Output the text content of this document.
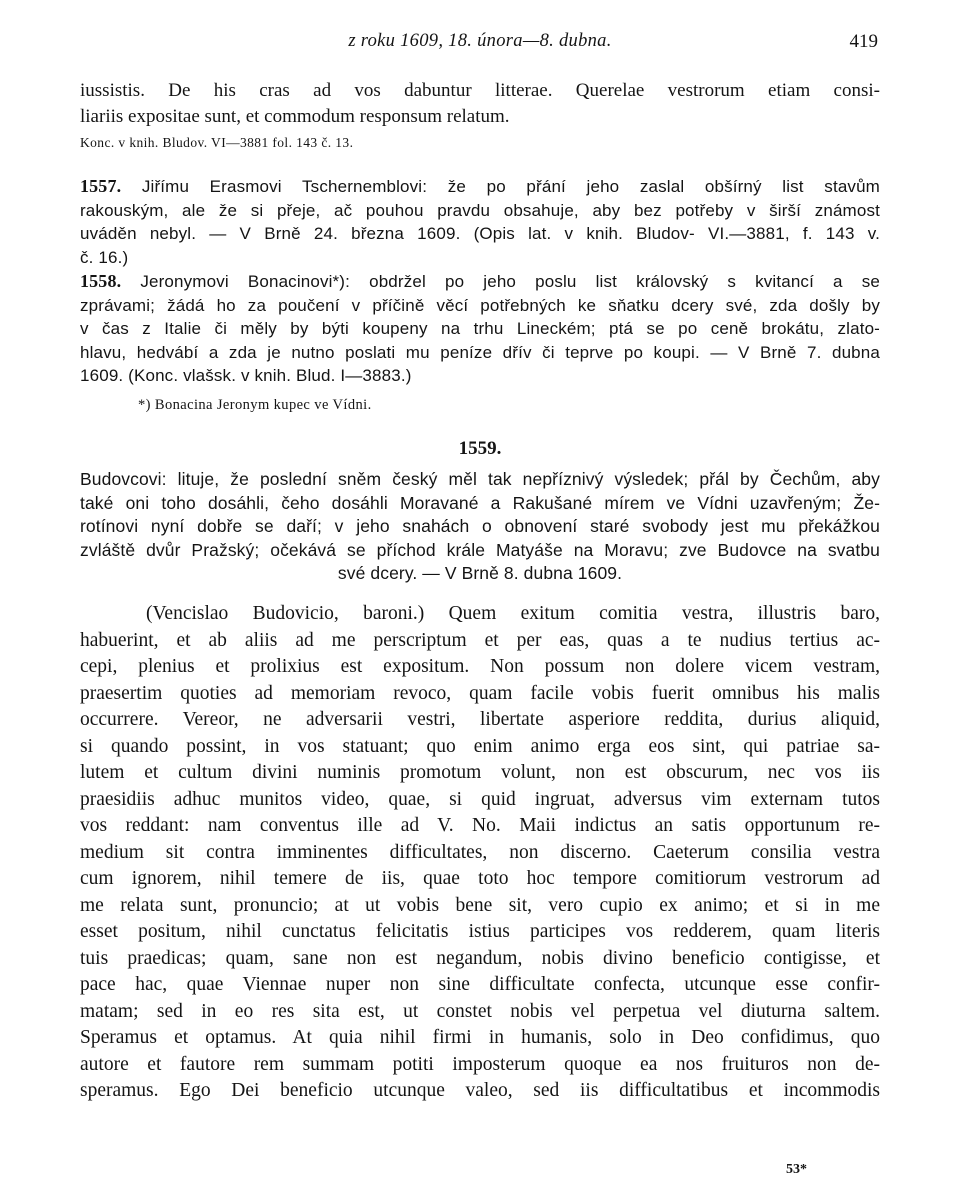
z roku 160‍9, 18. února—8. dubna.	419
iussistis. De his cras ad vos dabuntur litterae. Querelae vestrorum etiam consi-
liariis expositae sunt, et commodum responsum relatum.
Konc. v knih. Bludov. VI—3881 fol. 143 č. 13.
1557. Jiřímu Erasmovi Tschernemblovi: že po přání jeho zaslal obšírný list stavům
rakouským, ale že si přeje, ač pouhou pravdu obsahuje, aby bez potřeby v širší známost
uváděn nebyl. — V Brně 24. března 1609. (Opis lat. v knih. Bludov- VI.—3881, f. 143 v.
č. 16.)
1558. Jeronymovi Bonacinovi*): obdržel po jeho poslu list královský s kvitancí a se
zprávami; žádá ho za poučení v příčině věcí potřebných ke sňatku dcery své, zda došly by
v čas z Italie či měly by býti koupeny na trhu Lineckém; ptá se po ceně brokátu, zlato-
hlavu, hedvábí a zda je nutno poslati mu peníze dřív či teprve po koupi. — V Brně 7. dubna
1609. (Konc. vlašsk. v knih. Blud. I—3883.)
*) Bonacina Jeronym kupec ve Vídni.
1559.
Budovcovi: lituje, že poslední sněm český měl tak nepříznivý výsledek; přál by Čechům, aby
také oni toho dosáhli, čeho dosáhli Moravané a Rakušané mírem ve Vídni uzavřeným; Že-
rotínovi nyní dobře se daří; v jeho snahách o obnovení staré svobody jest mu překážkou
zvláště dvůr Pražský; očekává se příchod krále Matyáše na Moravu; zve Budovce na svatbu
své dcery. — V Brně 8. dubna 1609.
(Vencislao Budovicio, baroni.) Quem exitum comitia vestra, illustris baro,
habuerint, et ab aliis ad me perscriptum et per eas, quas a te nudius tertius ac-
cepi, plenius et prolixius est expositum. Non possum non dolere vicem vestram,
praesertim quoties ad memoriam revoco, quam facile vobis fuerit omnibus his malis
occurrere. Vereor, ne adversarii vestri, libertate asperiore reddita, durius aliquid,
si quando possint, in vos statuant; quo enim animo erga eos sint, qui patriae sa-
lutem et cultum divini numinis promotum volunt, non est obscurum, nec vos iis
praesidiis adhuc munitos video, quae, si quid ingruat, adversus vim externam tutos
vos reddant: nam conventus ille ad V. No. Maii indictus an satis opportunum re-
medium sit contra imminentes difficultates, non discerno. Caeterum consilia vestra
cum ignorem, nihil temere de iis, quae toto hoc tempore comitiorum vestrorum ad
me relata sunt, pronuncio; at ut vobis bene sit, vero cupio ex animo; et si in me
esset positum, nihil cunctatus felicitatis istius participes vos redderem, quam literis
tuis praedicas; quam, sane non est negandum, nobis divino beneficio contigisse, et
pace hac, quae Viennae nuper non sine difficultate confecta, utcunque esse confir-
matam; sed in eo res sita est, ut constet nobis vel perpetua vel diuturna saltem.
Speramus et optamus. At quia nihil firmi in humanis, solo in Deo confidimus, quo
autore et fautore rem summam potiti imposterum quoque ea nos fruituros non de-
speramus. Ego Dei beneficio utcunque valeo, sed iis difficultatibus et incommodis
53*
